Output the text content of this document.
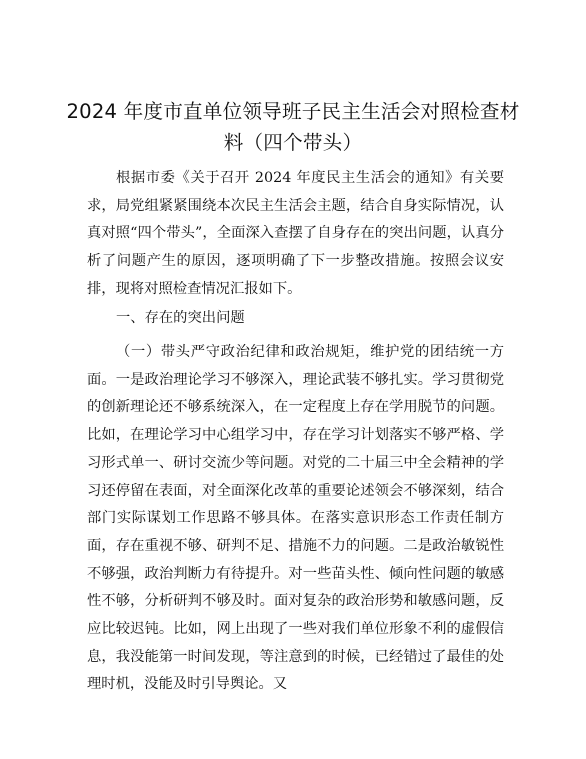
2024 年度市直单位领导班子民主生活会对照检查材料（四个带头）
根据市委《关于召开 2024 年度民主生活会的通知》有关要求，局党组紧紧围绕本次民主生活会主题，结合自身实际情况，认真对照“四个带头”，全面深入查摆了自身存在的突出问题，认真分析了问题产生的原因，逐项明确了下一步整改措施。按照会议安排，现将对照检查情况汇报如下。
一、存在的突出问题
（一）带头严守政治纪律和政治规矩，维护党的团结统一方面。一是政治理论学习不够深入，理论武装不够扎实。学习贯彻党的创新理论还不够系统深入，在一定程度上存在学用脱节的问题。比如，在理论学习中心组学习中，存在学习计划落实不够严格、学习形式单一、研讨交流少等问题。对党的二十届三中全会精神的学习还停留在表面，对全面深化改革的重要论述领会不够深刻，结合部门实际谋划工作思路不够具体。在落实意识形态工作责任制方面，存在重视不够、研判不足、措施不力的问题。二是政治敏锐性不够强，政治判断力有待提升。对一些苗头性、倾向性问题的敏感性不够，分析研判不够及时。面对复杂的政治形势和敏感问题，反应比较迟钝。比如，网上出现了一些对我们单位形象不利的虚假信息，我没能第一时间发现，等注意到的时候，已经错过了最佳的处理时机，没能及时引导舆论。又
